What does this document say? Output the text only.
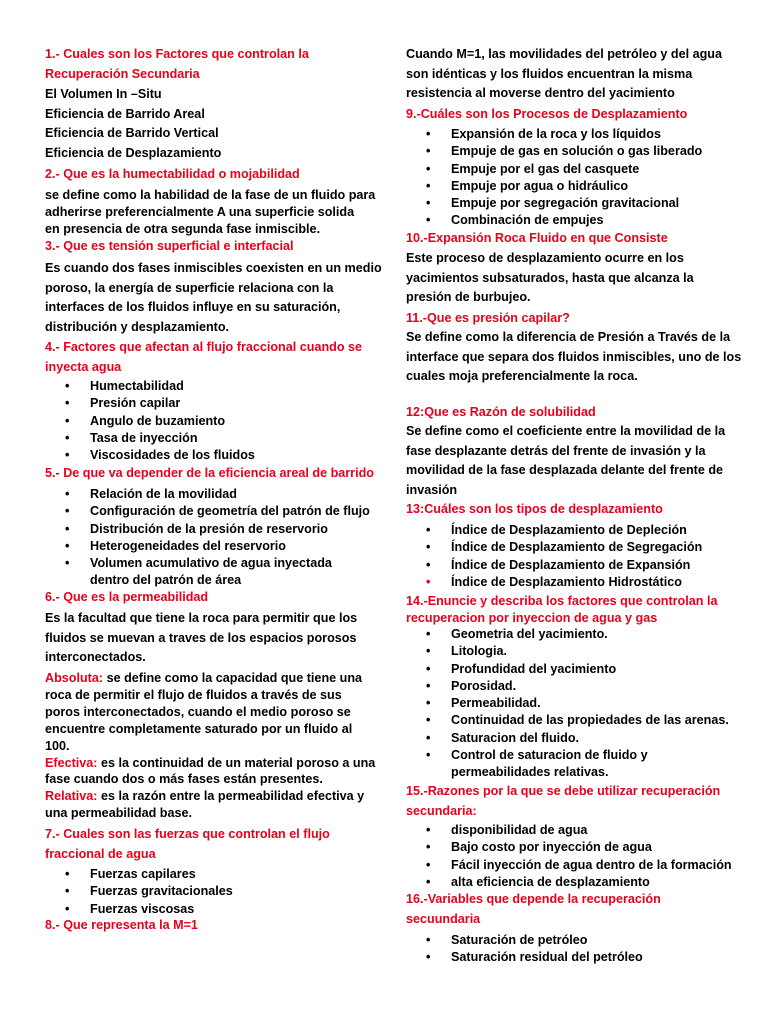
1.- Cuales son los Factores que controlan la
Recuperación Secundaria
El Volumen In –Situ
Eficiencia de Barrido Areal
Eficiencia de Barrido Vertical
Eficiencia de Desplazamiento
2.- Que es la humectabilidad o mojabilidad
se define como la habilidad de la fase de un fluido para
adherirse preferencialmente A una superficie solida
en presencia de otra segunda fase inmiscible.
3.- Que es tensión superficial e interfacial
Es cuando dos fases inmiscibles coexisten en un medio
poroso, la energía de superficie relaciona con la
interfaces de los fluidos influye en su saturación,
distribución y desplazamiento.
4.- Factores que afectan al flujo fraccional cuando se
inyecta agua
• Humectabilidad
• Presión capilar
• Angulo de buzamiento
• Tasa de inyección
• Viscosidades de los fluidos
5.- De que va depender de la eficiencia areal de barrido
• Relación de la movilidad
• Configuración de geometría del patrón de flujo
• Distribución de la presión de reservorio
• Heterogeneidades del reservorio
• Volumen acumulativo de agua inyectada
dentro del patrón de área
6.- Que es la permeabilidad
Es la facultad que tiene la roca para permitir que los
fluidos se muevan a traves de los espacios porosos
interconectados.
Absoluta: se define como la capacidad que tiene una
roca de permitir el flujo de fluidos a través de sus
poros interconectados, cuando el medio poroso se
encuentre completamente saturado por un fluido al
100.
Efectiva: es la continuidad de un material poroso a una
fase cuando dos o más fases están presentes.
Relativa: es la razón entre la permeabilidad efectiva y
una permeabilidad base.
7.- Cuales son las fuerzas que controlan el flujo
fraccional de agua
• Fuerzas capilares
• Fuerzas gravitacionales
• Fuerzas viscosas
8.- Que representa la M=1
Cuando M=1, las movilidades del petróleo y del agua
son idénticas y los fluidos encuentran la misma
resistencia al moverse dentro del yacimiento
9.-Cuáles son los Procesos de Desplazamiento
• Expansión de la roca y los líquidos
• Empuje de gas en solución o gas liberado
• Empuje por el gas del casquete
• Empuje por agua o hidráulico
• Empuje por segregación gravitacional
• Combinación de empujes
10.-Expansión Roca Fluido en que Consiste
Este proceso de desplazamiento ocurre en los
yacimientos subsaturados, hasta que alcanza la
presión de burbujeo.
11.-Que es presión capilar?
Se define como la diferencia de Presión a Través de la
interface que separa dos fluidos inmiscibles, uno de los
cuales moja preferencialmente la roca.
12:Que es Razón de solubilidad
Se define como el coeficiente entre la movilidad de la
fase desplazante detrás del frente de invasión y la
movilidad de la fase desplazada delante del frente de
invasión
13:Cuáles son los tipos de desplazamiento
• Índice de Desplazamiento de Depleción
• Índice de Desplazamiento de Segregación
• Índice de Desplazamiento de Expansión
• Índice de Desplazamiento Hidrostático
14.-Enuncie y describa los factores que controlan la
recuperacion por inyeccion de agua y gas
• Geometria del yacimiento.
• Litologia.
• Profundidad del yacimiento
• Porosidad.
• Permeabilidad.
• Continuidad de las propiedades de las arenas.
• Saturacion del fluido.
• Control de saturacion de fluido y
permeabilidades relativas.
15.-Razones por la que se debe utilizar recuperación
secundaria:
• disponibilidad de agua
• Bajo costo por inyección de agua
• Fácil inyección de agua dentro de la formación
• alta eficiencia de desplazamiento
16.-Variables que depende la recuperación
secuundaria
• Saturación de petróleo
• Saturación residual del petróleo
